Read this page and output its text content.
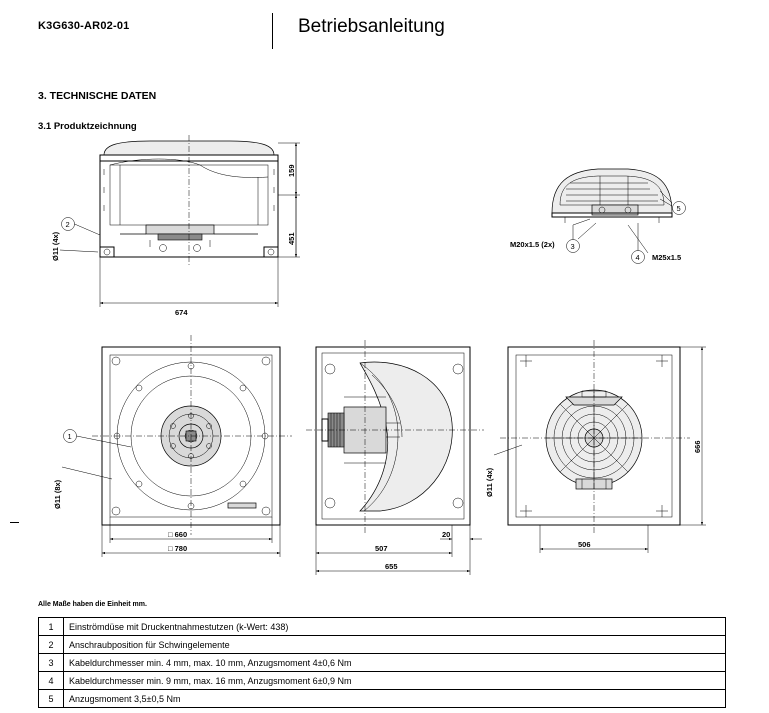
K3G630-AR02-01	Betriebsanleitung
3. TECHNISCHE DATEN
3.1 Produktzeichnung
159
451
674
2
Ø11 (4x)
5
3
4
M20x1.5 (2x)
M25x1.5
1
Ø11 (8x)
□ 660
□ 780
20
507
655
Ø11 (4x)
666
506
Alle Maße haben die Einheit mm.
1	Einströmdüse mit Druckentnahmestutzen (k-Wert: 438)
2	Anschraubposition für Schwingelemente
3	Kabeldurchmesser min. 4 mm, max. 10 mm, Anzugsmoment 4±0,6 Nm
4	Kabeldurchmesser min. 9 mm, max. 16 mm, Anzugsmoment 6±0,9 Nm
5	Anzugsmoment 3,5±0,5 Nm
